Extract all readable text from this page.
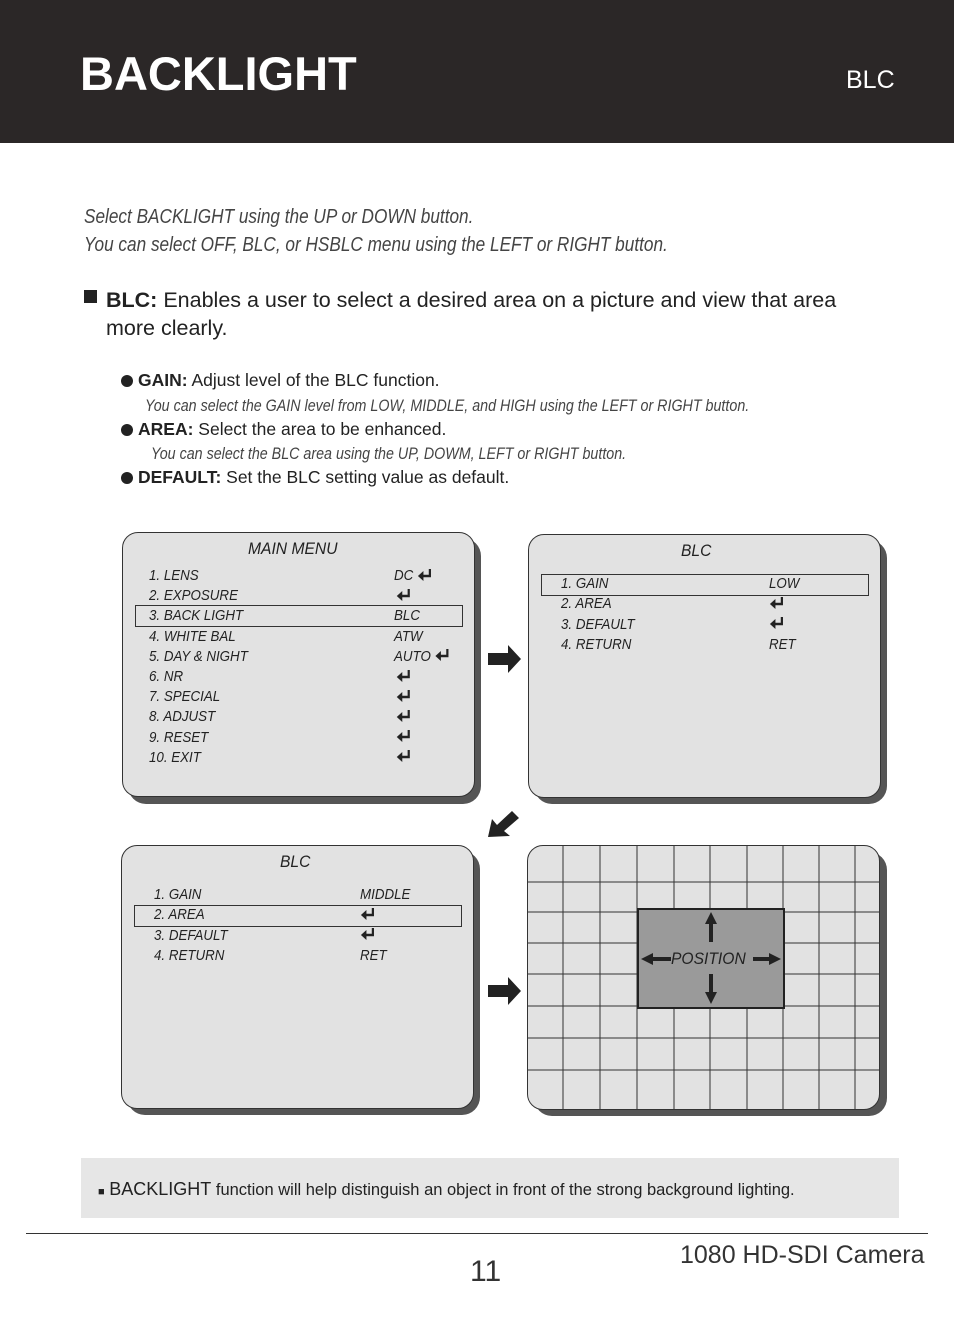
BACKLIGHT	BLC
Select BACKLIGHT using the UP or DOWN button.
You can select OFF, BLC, or HSBLC menu using the LEFT or RIGHT button.
BLC: Enables a user to select a desired area on a picture and view that area more clearly.
GAIN: Adjust level of the BLC function.
You can select the GAIN level from LOW, MIDDLE, and HIGH using the LEFT or RIGHT button.
AREA: Select the area to be enhanced.
You can select the BLC area using the UP, DOWM, LEFT or RIGHT button.
DEFAULT: Set the BLC setting value as default.
MAIN MENU
1. LENS	DC
2. EXPOSURE
3. BACK LIGHT	BLC
4. WHITE BAL	ATW
5. DAY & NIGHT	AUTO
6. NR
7. SPECIAL
8. ADJUST
9. RESET
10. EXIT
BLC
1. GAIN	LOW
2. AREA
3. DEFAULT
4. RETURN	RET
BLC
1. GAIN	MIDDLE
2. AREA
3. DEFAULT
4. RETURN	RET	POSITION
■ BACKLIGHT function will help distinguish an object in front of the strong background lighting.
11	1080 HD-SDI Camera
